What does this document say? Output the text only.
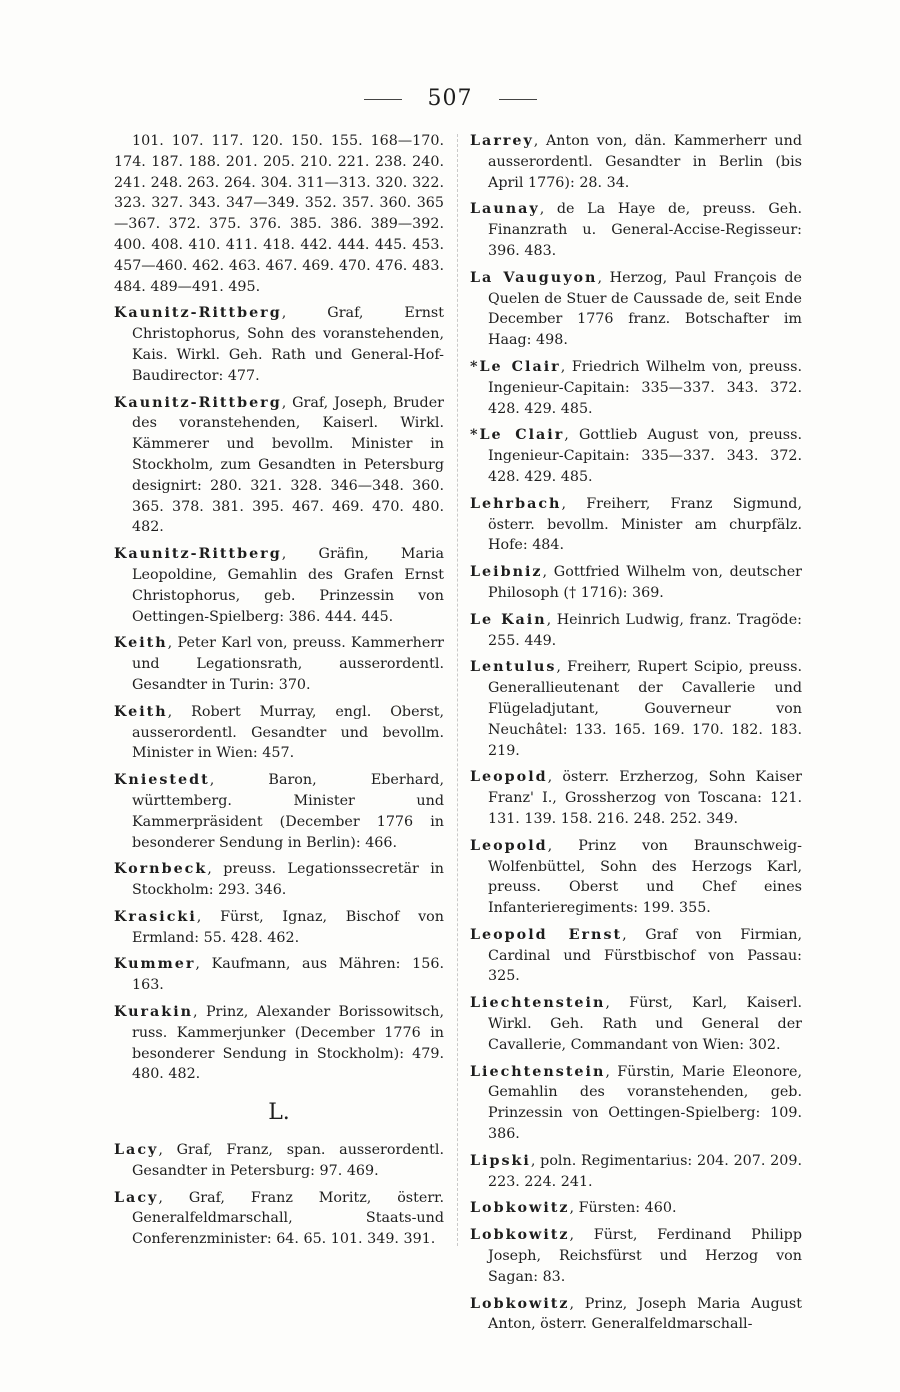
507

101. 107. 117. 120. 150. 155. 168—170. 174. 187. 188. 201. 205. 210. 221. 238. 240. 241. 248. 263. 264. 304. 311—313. 320. 322. 323. 327. 343. 347—349. 352. 357. 360. 365—367. 372. 375. 376. 385. 386. 389—392. 400. 408. 410. 411. 418. 442. 444. 445. 453. 457—460. 462. 463. 467. 469. 470. 476. 483. 484. 489—491. 495.

Kaunitz-Rittberg, Graf, Ernst Christophorus, Sohn des voranstehenden, Kais. Wirkl. Geh. Rath und General-Hof-Baudirector: 477.

Kaunitz-Rittberg, Graf, Joseph, Bruder des voranstehenden, Kaiserl. Wirkl. Kämmerer und bevollm. Minister in Stockholm, zum Gesandten in Petersburg designirt: 280. 321. 328. 346—348. 360. 365. 378. 381. 395. 467. 469. 470. 480. 482.

Kaunitz-Rittberg, Gräfin, Maria Leopoldine, Gemahlin des Grafen Ernst Christophorus, geb. Prinzessin von Oettingen-Spielberg: 386. 444. 445.

Keith, Peter Karl von, preuss. Kammerherr und Legationsrath, ausserordentl. Gesandter in Turin: 370.

Keith, Robert Murray, engl. Oberst, ausserordentl. Gesandter und bevollm. Minister in Wien: 457.

Kniestedt, Baron, Eberhard, württemberg. Minister und Kammerpräsident (December 1776 in besonderer Sendung in Berlin): 466.

Kornbeck, preuss. Legationssecretär in Stockholm: 293. 346.

Krasicki, Fürst, Ignaz, Bischof von Ermland: 55. 428. 462.

Kummer, Kaufmann, aus Mähren: 156. 163.

Kurakin, Prinz, Alexander Borissowitsch, russ. Kammerjunker (December 1776 in besonderer Sendung in Stockholm): 479. 480. 482.

L.

Lacy, Graf, Franz, span. ausserordentl. Gesandter in Petersburg: 97. 469.

Lacy, Graf, Franz Moritz, österr. Generalfeldmarschall, Staats-und Conferenzminister: 64. 65. 101. 349. 391.

Larrey, Anton von, dän. Kammerherr und ausserordentl. Gesandter in Berlin (bis April 1776): 28. 34.

Launay, de La Haye de, preuss. Geh. Finanzrath u. General-Accise-Regisseur: 396. 483.

La Vauguyon, Herzog, Paul François de Quelen de Stuer de Caussade de, seit Ende December 1776 franz. Botschafter im Haag: 498.

*Le Clair, Friedrich Wilhelm von, preuss. Ingenieur-Capitain: 335—337. 343. 372. 428. 429. 485.

*Le Clair, Gottlieb August von, preuss. Ingenieur-Capitain: 335—337. 343. 372. 428. 429. 485.

Lehrbach, Freiherr, Franz Sigmund, österr. bevollm. Minister am churpfälz. Hofe: 484.

Leibniz, Gottfried Wilhelm von, deutscher Philosoph († 1716): 369.

Le Kain, Heinrich Ludwig, franz. Tragöde: 255. 449.

Lentulus, Freiherr, Rupert Scipio, preuss. Generallieutenant der Cavallerie und Flügeladjutant, Gouverneur von Neuchâtel: 133. 165. 169. 170. 182. 183. 219.

Leopold, österr. Erzherzog, Sohn Kaiser Franz' I., Grossherzog von Toscana: 121. 131. 139. 158. 216. 248. 252. 349.

Leopold, Prinz von Braunschweig-Wolfenbüttel, Sohn des Herzogs Karl, preuss. Oberst und Chef eines Infanterieregiments: 199. 355.

Leopold Ernst, Graf von Firmian, Cardinal und Fürstbischof von Passau: 325.

Liechtenstein, Fürst, Karl, Kaiserl. Wirkl. Geh. Rath und General der Cavallerie, Commandant von Wien: 302.

Liechtenstein, Fürstin, Marie Eleonore, Gemahlin des voranstehenden, geb. Prinzessin von Oettingen-Spielberg: 109. 386.

Lipski, poln. Regimentarius: 204. 207. 209. 223. 224. 241.

Lobkowitz, Fürsten: 460.

Lobkowitz, Fürst, Ferdinand Philipp Joseph, Reichsfürst und Herzog von Sagan: 83.

Lobkowitz, Prinz, Joseph Maria August Anton, österr. Generalfeldmarschall-
